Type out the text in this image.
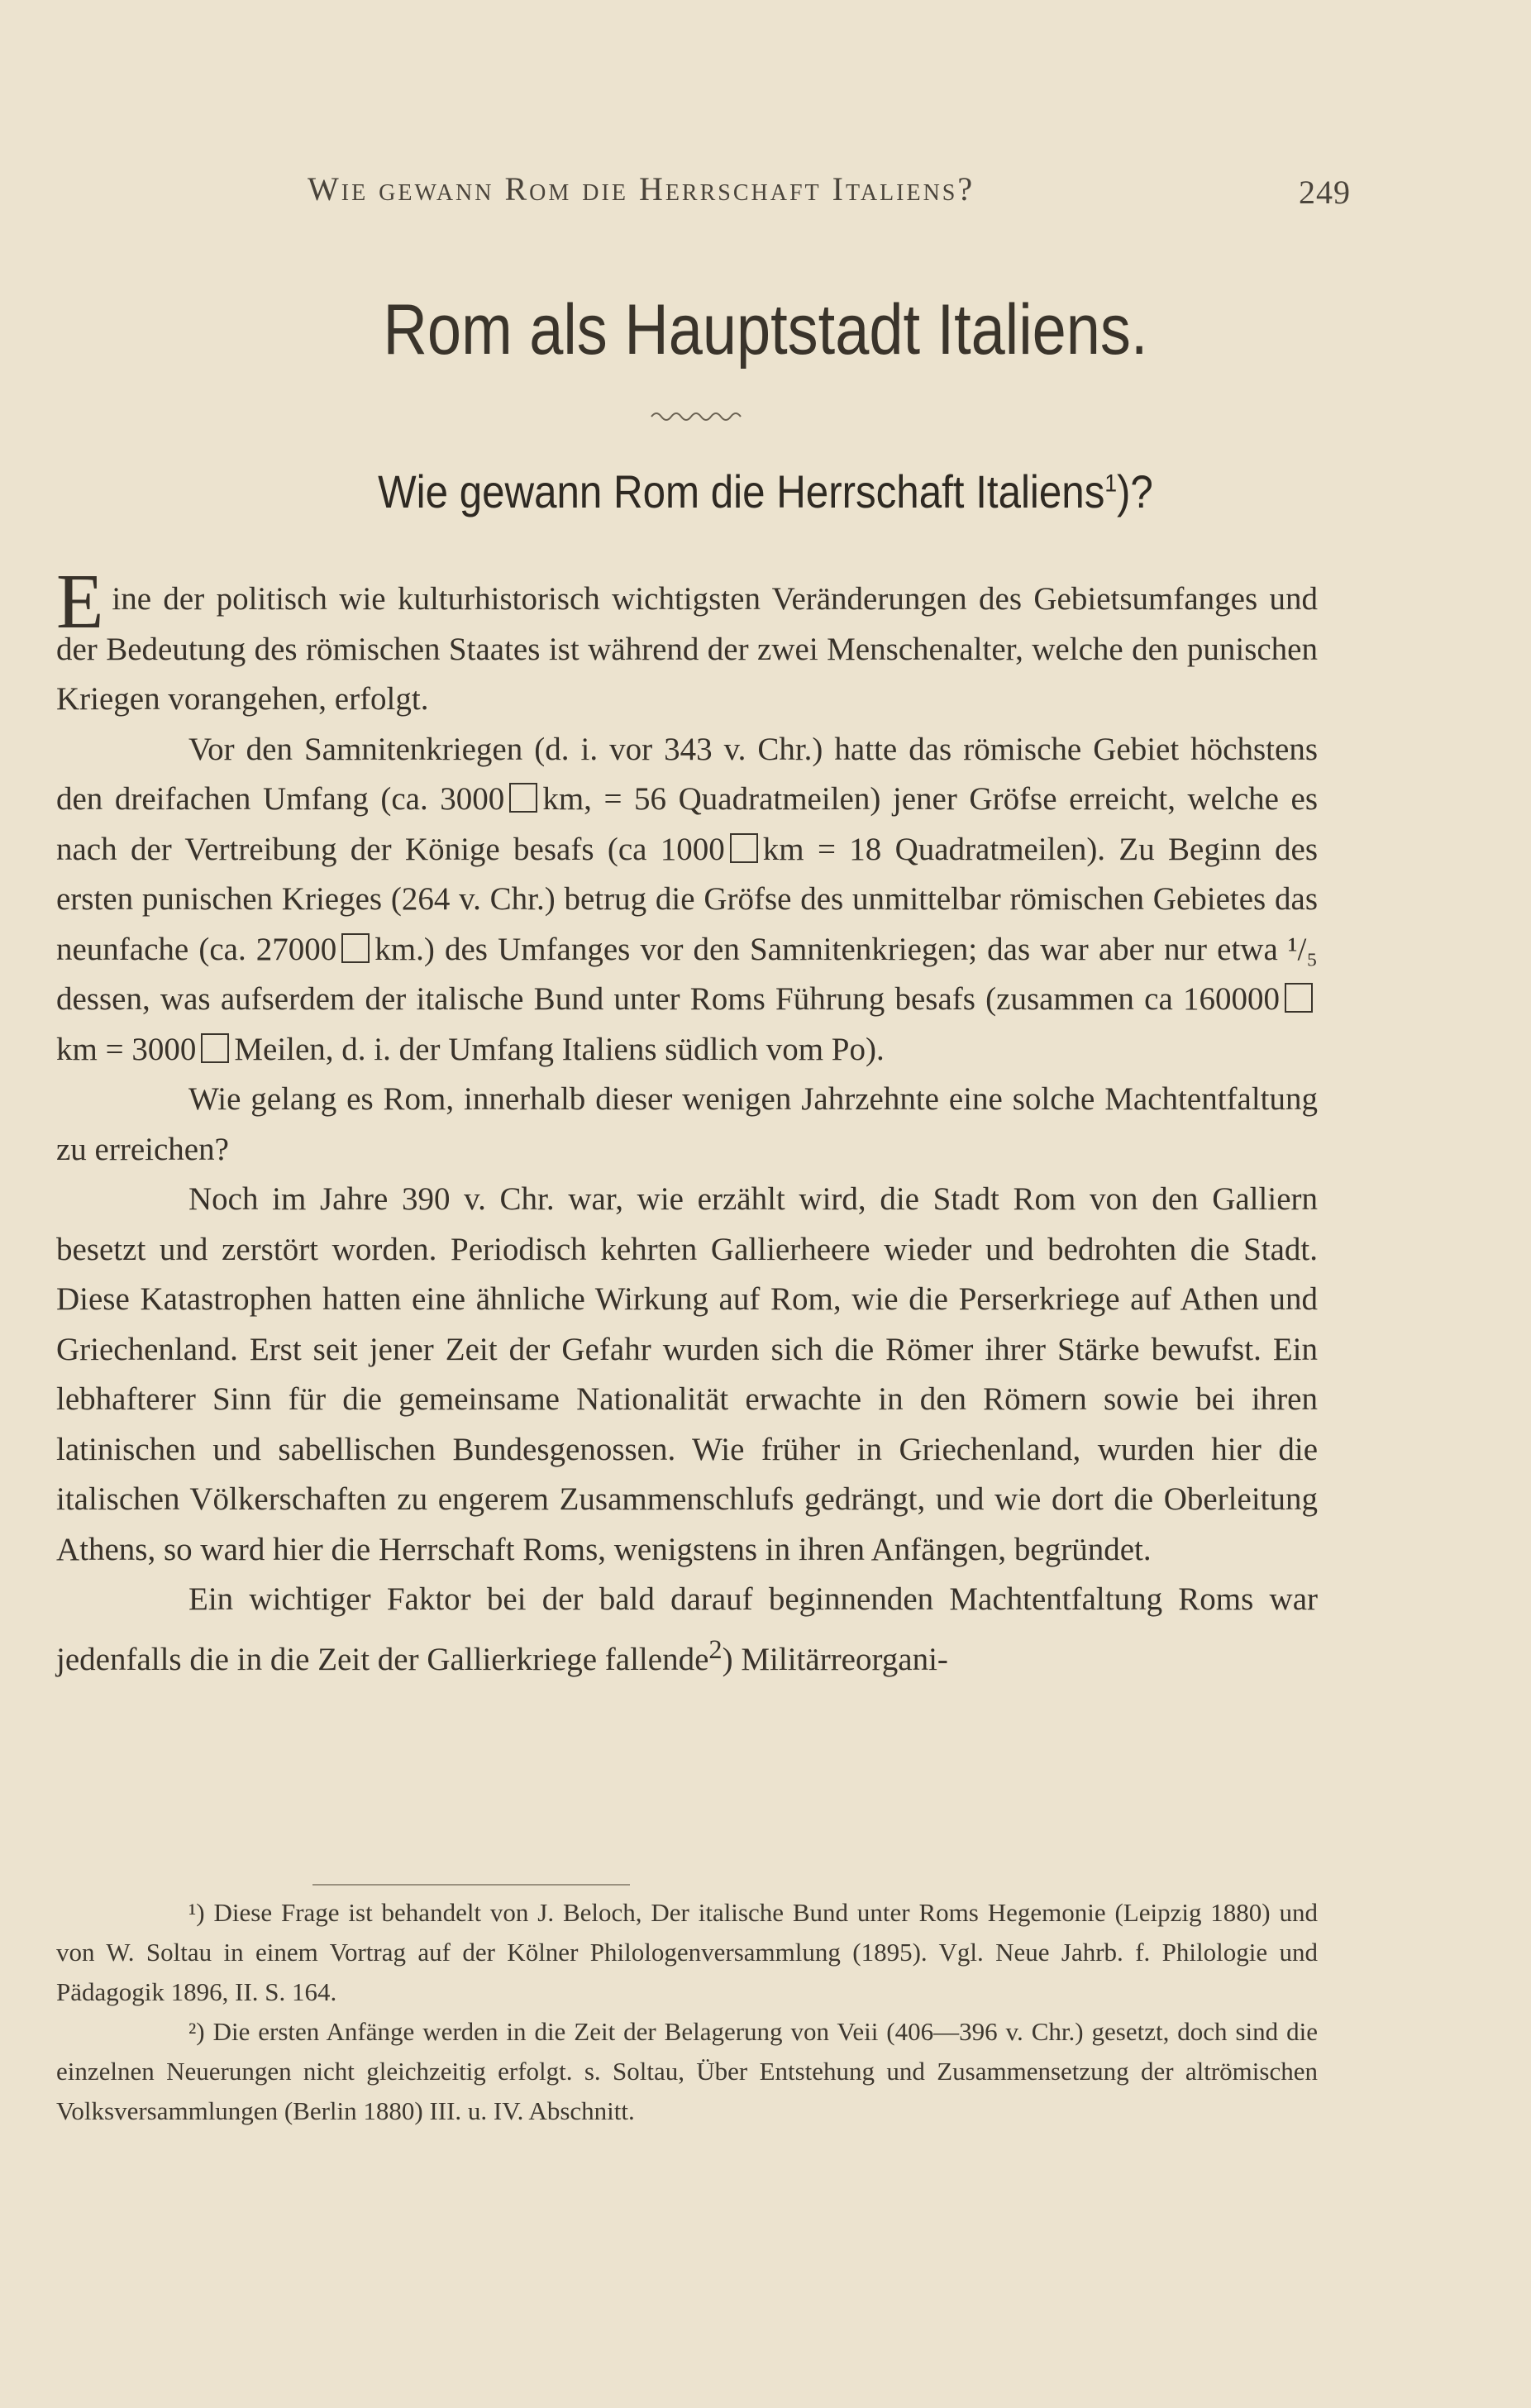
Wie gewann Rom die Herrschaft Italiens?	249
Rom als Hauptstadt Italiens.
Wie gewann Rom die Herrschaft Italiens$^1$)?

Eine der politisch wie kulturhistorisch wichtigsten Veränderungen des Gebietsumfanges und der Bedeutung des römischen Staates ist während der zwei Menschenalter, welche den punischen Kriegen vorangehen, erfolgt.

Vor den Samnitenkriegen (d. i. vor 343 v. Chr.) hatte das römische Gebiet höchstens den dreifachen Umfang (ca. 3000 km, = 56 Quadratmeilen) jener Gröfse erreicht, welche es nach der Vertreibung der Könige besafs (ca 1000 km = 18 Quadratmeilen). Zu Beginn des ersten punischen Krieges (264 v. Chr.) betrug die Gröfse des unmittelbar römischen Gebietes das neunfache (ca. 27000 km.) des Umfanges vor den Samnitenkriegen; das war aber nur etwa ¹/₅ dessen, was aufserdem der italische Bund unter Roms Führung besafs (zusammen ca 160000km = 3000 Meilen, d. i. der Umfang Italiens südlich vom Po).

Wie gelang es Rom, innerhalb dieser wenigen Jahrzehnte eine solche Machtentfaltung zu erreichen?

Noch im Jahre 390 v. Chr. war, wie erzählt wird, die Stadt Rom von den Galliern besetzt und zerstört worden. Periodisch kehrten Gallierheere wieder und bedrohten die Stadt. Diese Katastrophen hatten eine ähnliche Wirkung auf Rom, wie die Perserkriege auf Athen und Griechenland. Erst seit jener Zeit der Gefahr wurden sich die Römer ihrer Stärke bewufst. Ein lebhafterer Sinn für die gemeinsame Nationalität erwachte in den Römern sowie bei ihren latinischen und sabellischen Bundesgenossen. Wie früher in Griechenland, wurden hier die italischen Völkerschaften zu engerem Zusammenschlufs gedrängt, und wie dort die Oberleitung Athens, so ward hier die Herrschaft Roms, wenigstens in ihren Anfängen, begründet.

Ein wichtiger Faktor bei der bald darauf beginnenden Machtentfaltung Roms war jedenfalls die in die Zeit der Gallierkriege fallende$^2$) Militärreorgani-

¹) Diese Frage ist behandelt von J. Beloch, Der italische Bund unter Roms Hegemonie (Leipzig 1880) und von W. Soltau in einem Vortrag auf der Kölner Philologenversammlung (1895). Vgl. Neue Jahrb. f. Philologie und Pädagogik 1896, II. S. 164.

²) Die ersten Anfänge werden in die Zeit der Belagerung von Veii (406—396 v. Chr.) gesetzt, doch sind die einzelnen Neuerungen nicht gleichzeitig erfolgt. s. Soltau, Über Entstehung und Zusammensetzung der altrömischen Volksversammlungen (Berlin 1880) III. u. IV. Abschnitt.
